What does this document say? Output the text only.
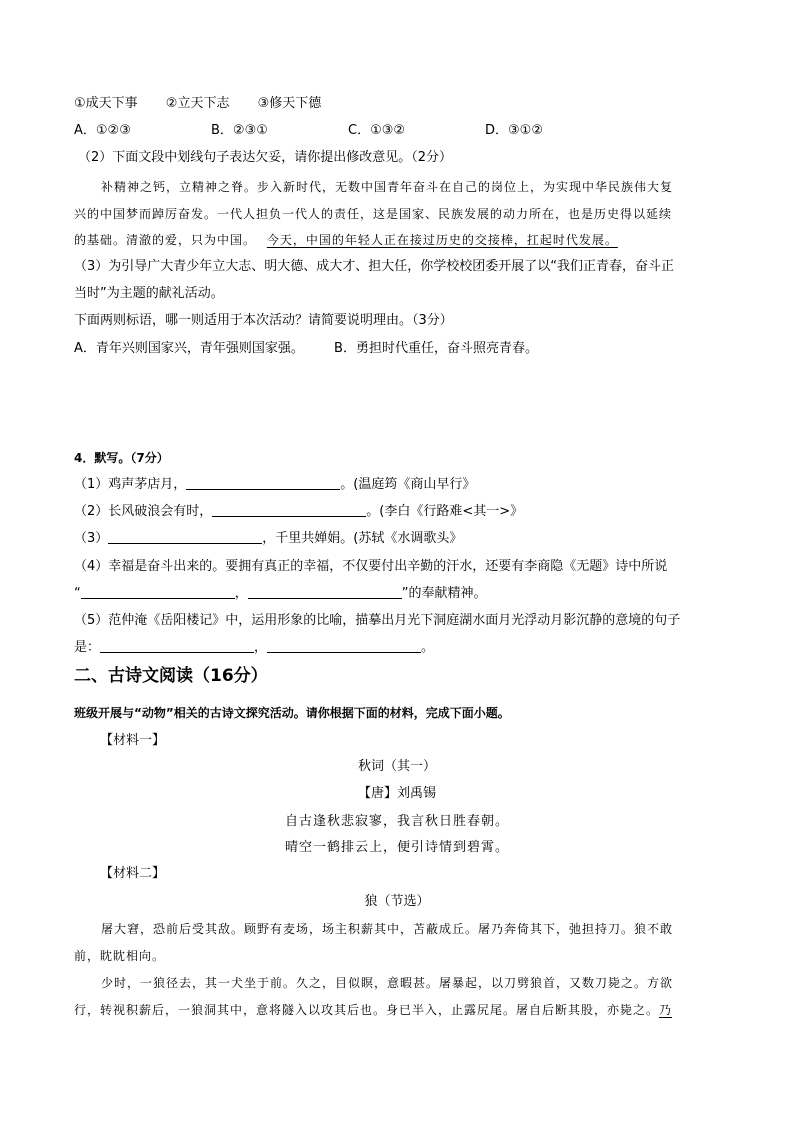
①成天下事 ②立天下志 ③修天下德
A．①②③	B．②③①	C．①③②	D．③①②
（2）下面文段中划线句子表达欠妥，请你提出修改意见。（2分）
补精神之钙，立精神之脊。步入新时代，无数中国青年奋斗在自己的岗位上，为实现中华民族伟大复
兴的中国梦而踔厉奋发。一代人担负一代人的责任，这是国家、民族发展的动力所在，也是历史得以延续
的基础。清澈的爱，只为中国。 今天，中国的年轻人正在接过历史的交接棒，扛起时代发展。
（3）为引导广大青少年立大志、明大德、成大才、担大任，你学校校团委开展了以“我们正青春，奋斗正
当时”为主题的献礼活动。
下面两则标语，哪一则适用于本次活动？请简要说明理由。（3分）
A．青年兴则国家兴，青年强则国家强。 B．勇担时代重任，奋斗照亮青春。
4．默写。（7分）
（1）鸡声茅店月，	。(温庭筠《商山早行》
（2）长风破浪会有时，	。(李白《行路难<其一>》
（3）	，千里共婵娟。(苏轼《水调歌头》
（4）幸福是奋斗出来的。要拥有真正的幸福，不仅要付出辛勤的汗水，还要有李商隐《无题》诗中所说
“	，	”的奉献精神。
（5）范仲淹《岳阳楼记》中，运用形象的比喻，描摹出月光下洞庭湖水面月光浮动月影沉静的意境的句子
是：	，	。
二、古诗文阅读（16分）
班级开展与“动物”相关的古诗文探究活动。请你根据下面的材料，完成下面小题。
【材料一】
秋词（其一）
【唐】刘禹锡
自古逢秋悲寂寥，我言秋日胜春朝。
晴空一鹤排云上，便引诗情到碧霄。
【材料二】
狼（节选）
屠大窘，恐前后受其敌。顾野有麦场，场主积薪其中，苫蔽成丘。屠乃奔倚其下，弛担持刀。狼不敢
前，眈眈相向。
少时，一狼径去，其一犬坐于前。久之，目似瞑，意暇甚。屠暴起，以刀劈狼首，又数刀毙之。方欲
行，转视积薪后，一狼洞其中，意将隧入以攻其后也。身已半入，止露尻尾。屠自后断其股，亦毙之。乃
